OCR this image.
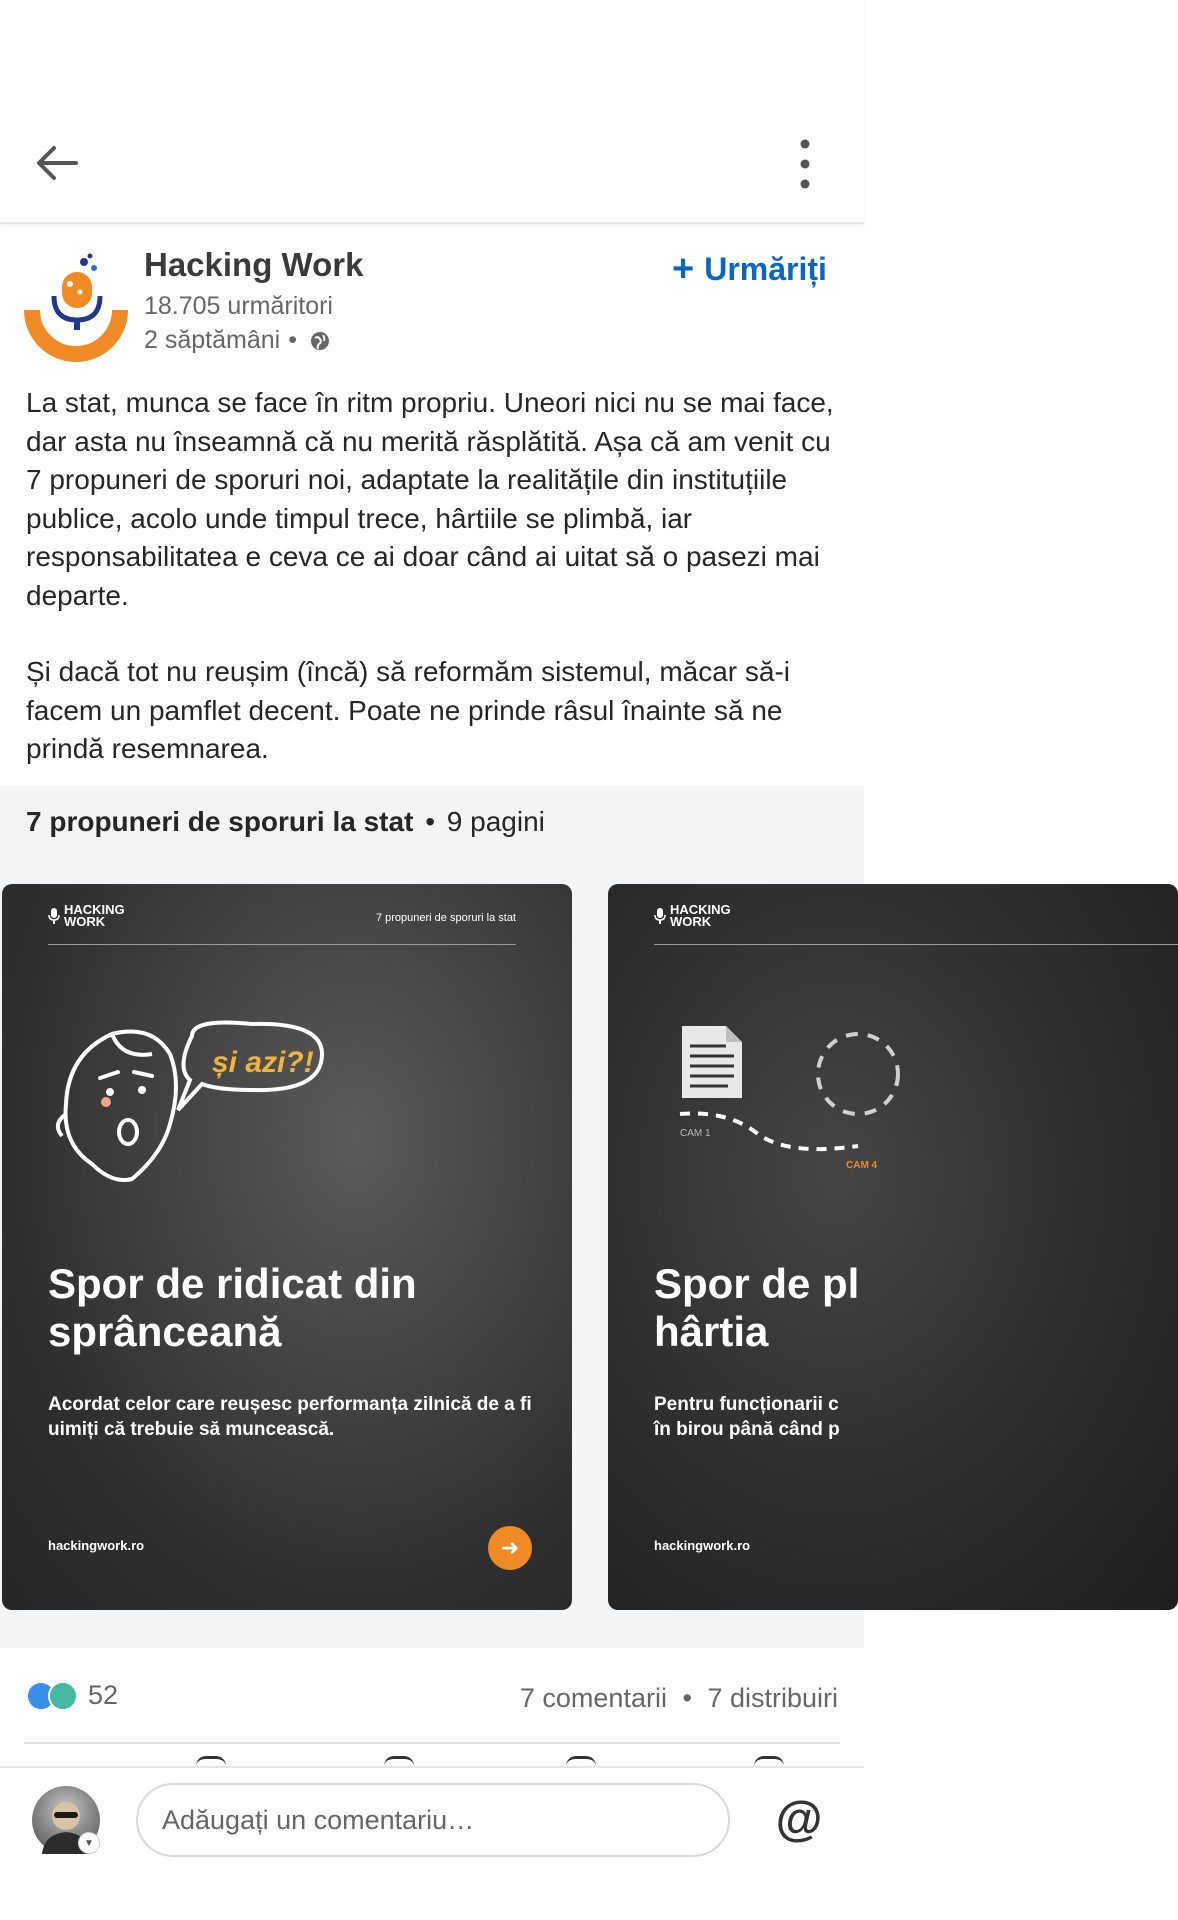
Hacking Work
18.705 urmăritori
2 săptămâni •
+ Urmăriți

La stat, munca se face în ritm propriu. Uneori nici nu se mai face, dar asta nu înseamnă că nu merită răsplătită. Așa că am venit cu 7 propuneri de sporuri noi, adaptate la realitățile din instituțiile publice, acolo unde timpul trece, hârtiile se plimbă, iar responsabilitatea e ceva ce ai doar când ai uitat să o pasezi mai departe.

Și dacă tot nu reușim (încă) să reformăm sistemul, măcar să-i facem un pamflet decent. Poate ne prinde râsul înainte să ne prindă resemnarea.

7 propuneri de sporuri la stat • 9 pagini
HACKING WORK	7 propuneri de sporuri la stat
și azi?!
Spor de ridicat din sprânceană
Acordat celor care reușesc performanța zilnică de a fi uimiți că trebuie să muncească.
hackingwork.ro	➜
HACKING WORK
CAM 1
CAM 4
Spor de pl
hârtia
Pentru funcționarii c
în birou până când p
hackingwork.ro
52	7 comentarii • 7 distribuiri
▼
Adăugați un comentariu…	@
